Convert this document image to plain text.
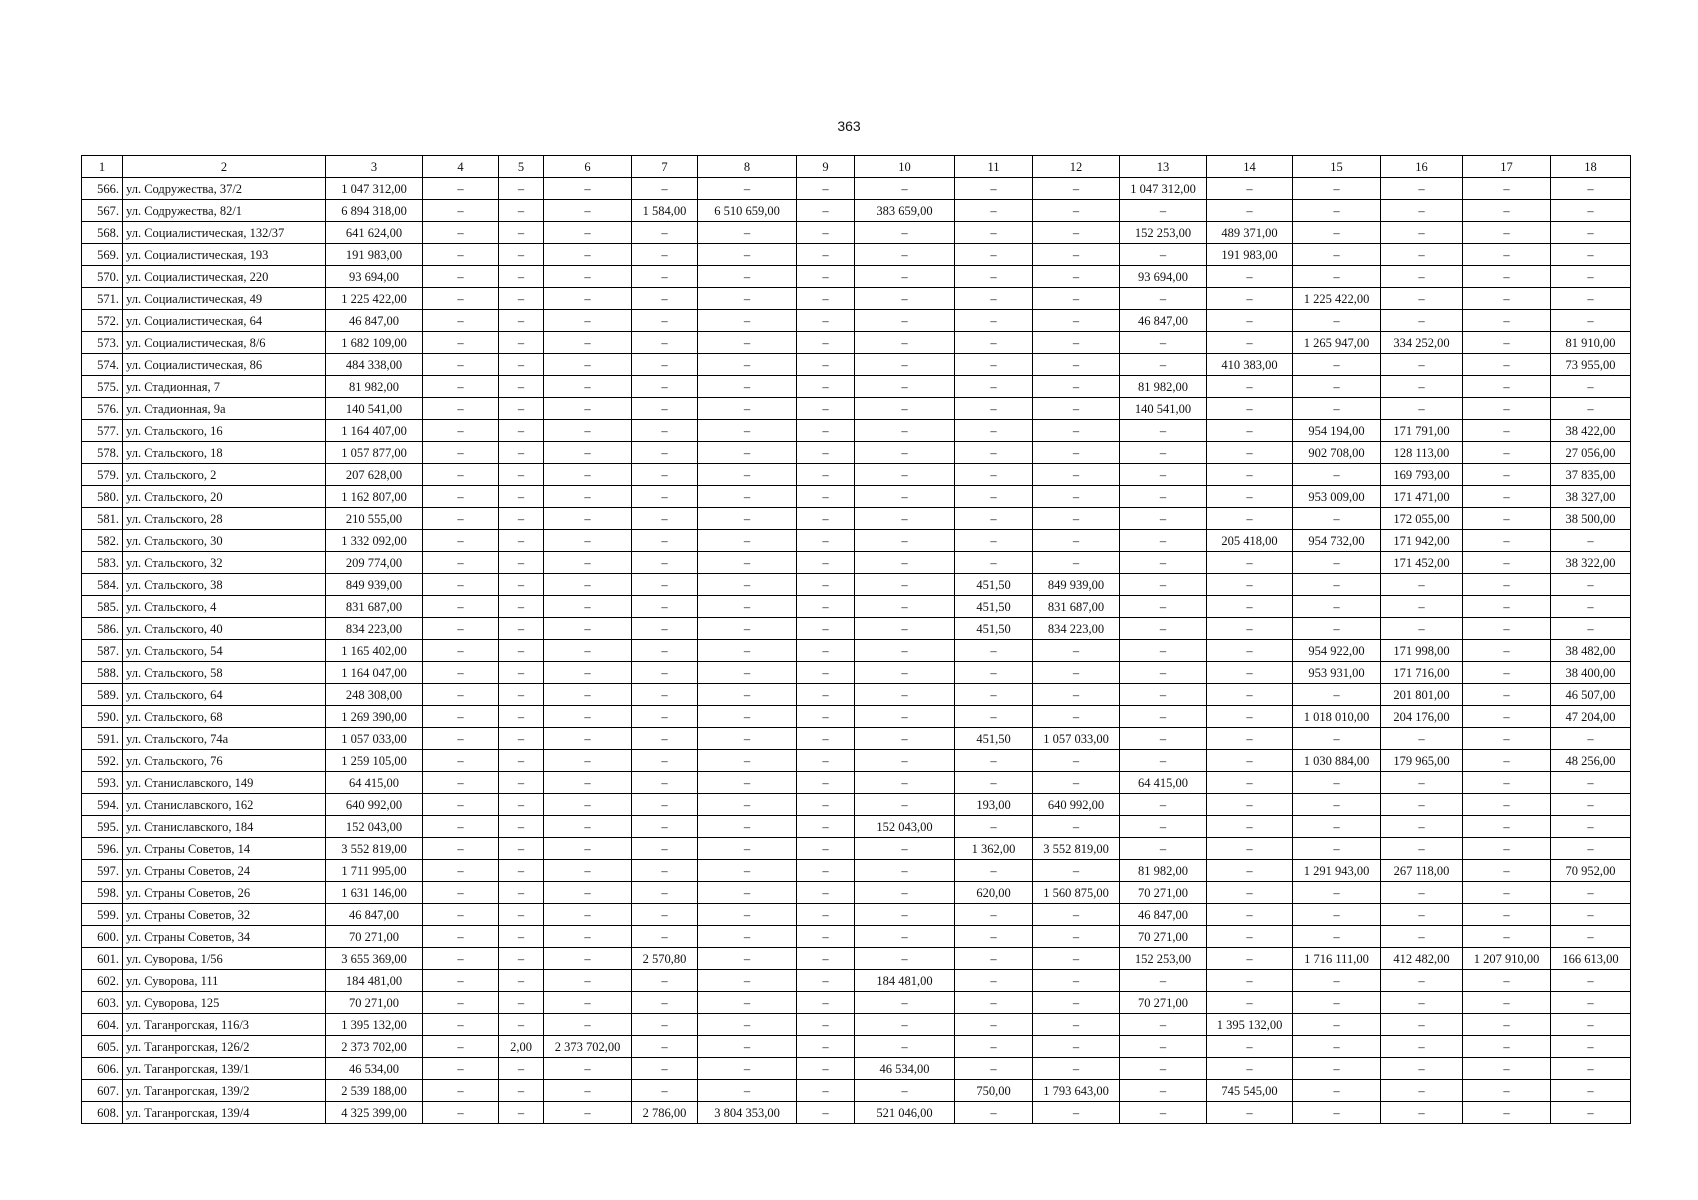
363
1	2	3	4	5	6	7	8	9	10	11	12	13	14	15	16	17	18
566.	ул. Содружества, 37/2	1 047 312,00	–	–	–	–	–	–	–	–	–	1 047 312,00	–	–	–	–	–
567.	ул. Содружества, 82/1	6 894 318,00	–	–	–	1 584,00	6 510 659,00	–	383 659,00	–	–	–	–	–	–	–	–
568.	ул. Социалистическая, 132/37	641 624,00	–	–	–	–	–	–	–	–	–	152 253,00	489 371,00	–	–	–	–
569.	ул. Социалистическая, 193	191 983,00	–	–	–	–	–	–	–	–	–	–	191 983,00	–	–	–	–
570.	ул. Социалистическая, 220	93 694,00	–	–	–	–	–	–	–	–	–	93 694,00	–	–	–	–	–
571.	ул. Социалистическая, 49	1 225 422,00	–	–	–	–	–	–	–	–	–	–	–	1 225 422,00	–	–	–
572.	ул. Социалистическая, 64	46 847,00	–	–	–	–	–	–	–	–	–	46 847,00	–	–	–	–	–
573.	ул. Социалистическая, 8/6	1 682 109,00	–	–	–	–	–	–	–	–	–	–	–	1 265 947,00	334 252,00	–	81 910,00
574.	ул. Социалистическая, 86	484 338,00	–	–	–	–	–	–	–	–	–	–	410 383,00	–	–	–	73 955,00
575.	ул. Стадионная, 7	81 982,00	–	–	–	–	–	–	–	–	–	81 982,00	–	–	–	–	–
576.	ул. Стадионная, 9а	140 541,00	–	–	–	–	–	–	–	–	–	140 541,00	–	–	–	–	–
577.	ул. Стальского, 16	1 164 407,00	–	–	–	–	–	–	–	–	–	–	–	954 194,00	171 791,00	–	38 422,00
578.	ул. Стальского, 18	1 057 877,00	–	–	–	–	–	–	–	–	–	–	–	902 708,00	128 113,00	–	27 056,00
579.	ул. Стальского, 2	207 628,00	–	–	–	–	–	–	–	–	–	–	–	–	169 793,00	–	37 835,00
580.	ул. Стальского, 20	1 162 807,00	–	–	–	–	–	–	–	–	–	–	–	953 009,00	171 471,00	–	38 327,00
581.	ул. Стальского, 28	210 555,00	–	–	–	–	–	–	–	–	–	–	–	–	172 055,00	–	38 500,00
582.	ул. Стальского, 30	1 332 092,00	–	–	–	–	–	–	–	–	–	–	205 418,00	954 732,00	171 942,00	–	–
583.	ул. Стальского, 32	209 774,00	–	–	–	–	–	–	–	–	–	–	–	–	171 452,00	–	38 322,00
584.	ул. Стальского, 38	849 939,00	–	–	–	–	–	–	–	451,50	849 939,00	–	–	–	–	–	–
585.	ул. Стальского, 4	831 687,00	–	–	–	–	–	–	–	451,50	831 687,00	–	–	–	–	–	–
586.	ул. Стальского, 40	834 223,00	–	–	–	–	–	–	–	451,50	834 223,00	–	–	–	–	–	–
587.	ул. Стальского, 54	1 165 402,00	–	–	–	–	–	–	–	–	–	–	–	954 922,00	171 998,00	–	38 482,00
588.	ул. Стальского, 58	1 164 047,00	–	–	–	–	–	–	–	–	–	–	–	953 931,00	171 716,00	–	38 400,00
589.	ул. Стальского, 64	248 308,00	–	–	–	–	–	–	–	–	–	–	–	–	201 801,00	–	46 507,00
590.	ул. Стальского, 68	1 269 390,00	–	–	–	–	–	–	–	–	–	–	–	1 018 010,00	204 176,00	–	47 204,00
591.	ул. Стальского, 74а	1 057 033,00	–	–	–	–	–	–	–	451,50	1 057 033,00	–	–	–	–	–	–
592.	ул. Стальского, 76	1 259 105,00	–	–	–	–	–	–	–	–	–	–	–	1 030 884,00	179 965,00	–	48 256,00
593.	ул. Станиславского, 149	64 415,00	–	–	–	–	–	–	–	–	–	64 415,00	–	–	–	–	–
594.	ул. Станиславского, 162	640 992,00	–	–	–	–	–	–	–	193,00	640 992,00	–	–	–	–	–	–
595.	ул. Станиславского, 184	152 043,00	–	–	–	–	–	–	152 043,00	–	–	–	–	–	–	–	–
596.	ул. Страны Советов, 14	3 552 819,00	–	–	–	–	–	–	–	1 362,00	3 552 819,00	–	–	–	–	–	–
597.	ул. Страны Советов, 24	1 711 995,00	–	–	–	–	–	–	–	–	–	81 982,00	–	1 291 943,00	267 118,00	–	70 952,00
598.	ул. Страны Советов, 26	1 631 146,00	–	–	–	–	–	–	–	620,00	1 560 875,00	70 271,00	–	–	–	–	–
599.	ул. Страны Советов, 32	46 847,00	–	–	–	–	–	–	–	–	–	46 847,00	–	–	–	–	–
600.	ул. Страны Советов, 34	70 271,00	–	–	–	–	–	–	–	–	–	70 271,00	–	–	–	–	–
601.	ул. Суворова, 1/56	3 655 369,00	–	–	–	2 570,80	–	–	–	–	–	152 253,00	–	1 716 111,00	412 482,00	1 207 910,00	166 613,00
602.	ул. Суворова, 111	184 481,00	–	–	–	–	–	–	184 481,00	–	–	–	–	–	–	–	–
603.	ул. Суворова, 125	70 271,00	–	–	–	–	–	–	–	–	–	70 271,00	–	–	–	–	–
604.	ул. Таганрогская, 116/3	1 395 132,00	–	–	–	–	–	–	–	–	–	–	1 395 132,00	–	–	–	–
605.	ул. Таганрогская, 126/2	2 373 702,00	–	2,00	2 373 702,00	–	–	–	–	–	–	–	–	–	–	–	–
606.	ул. Таганрогская, 139/1	46 534,00	–	–	–	–	–	–	46 534,00	–	–	–	–	–	–	–	–
607.	ул. Таганрогская, 139/2	2 539 188,00	–	–	–	–	–	–	–	750,00	1 793 643,00	–	745 545,00	–	–	–	–
608.	ул. Таганрогская, 139/4	4 325 399,00	–	–	–	2 786,00	3 804 353,00	–	521 046,00	–	–	–	–	–	–	–	–
